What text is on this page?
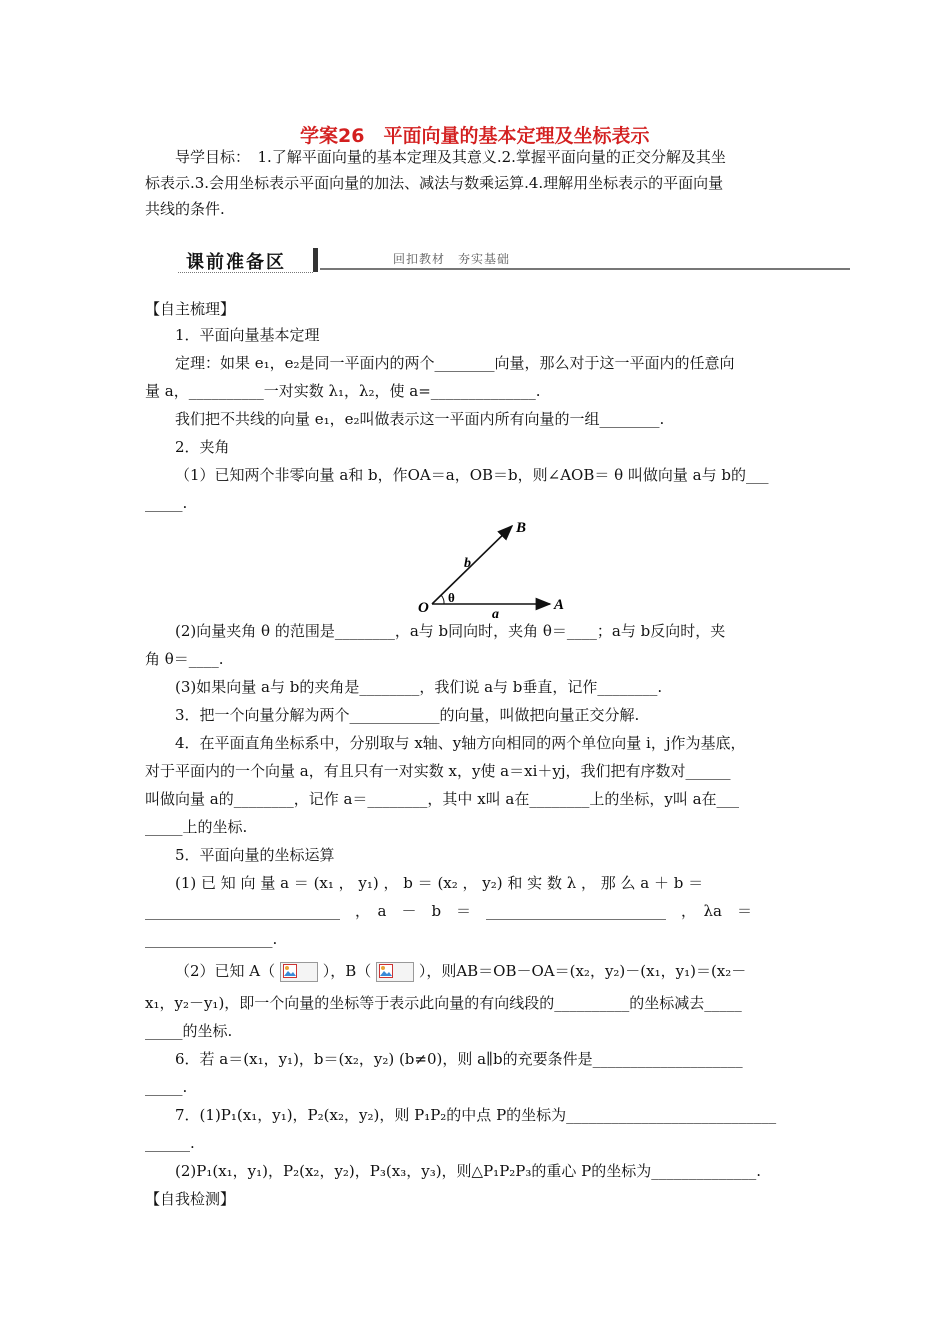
学案26　平面向量的基本定理及坐标表示
导学目标：　1.了解平面向量的基本定理及其意义.2.掌握平面向量的正交分解及其坐
标表示.3.会用坐标表示平面向量的加法、减法与数乘运算.4.理解用坐标表示的平面向量
共线的条件.
课前准备区	回扣教材　夯实基础
【自主梳理】
1．平面向量基本定理
定理：如果 e₁，e₂是同一平面内的两个________向量，那么对于这一平面内的任意向
量 a，__________一对实数 λ₁，λ₂，使 a=______________.
我们把不共线的向量 e₁，e₂叫做表示这一平面内所有向量的一组________.
2．夹角
（1）已知两个非零向量 a和 b，作OA＝a，OB＝b，则∠AOB＝ θ 叫做向量 a与 b的___
_____.
O	A
B
a
b
θ
(2)向量夹角 θ 的范围是________，a与 b同向时，夹角 θ＝____；a与 b反向时，夹
角 θ＝____.
(3)如果向量 a与 b的夹角是________，我们说 a与 b垂直，记作________.
3．把一个向量分解为两个____________的向量，叫做把向量正交分解.
4．在平面直角坐标系中，分别取与 x轴、y轴方向相同的两个单位向量 i，j作为基底，
对于平面内的一个向量 a，有且只有一对实数 x，y使 a＝xi＋yj，我们把有序数对______
叫做向量 a的________，记作 a＝________，其中 x叫 a在________上的坐标，y叫 a在___
_____上的坐标.
5．平面向量的坐标运算
(1) 已 知 向 量 a ＝ (x₁ ， y₁) ， b ＝ (x₂ ， y₂) 和 实 数 λ ， 那 么 a ＋ b ＝
__________________________　，　a　－　b　＝　________________________　，　λa　＝
_________________.
（2）已知 A（	），B（	），则AB＝OB－OA＝(x₂，y₂)－(x₁，y₁)＝(x₂－
x₁，y₂－y₁)，即一个向量的坐标等于表示此向量的有向线段的__________的坐标减去_____
_____的坐标.
6．若 a＝(x₁，y₁)，b＝(x₂，y₂) (b≠0)，则 a∥b的充要条件是____________________
_____.
7．(1)P₁(x₁，y₁)，P₂(x₂，y₂)，则 P₁P₂的中点 P的坐标为____________________________
______.
(2)P₁(x₁，y₁)，P₂(x₂，y₂)，P₃(x₃，y₃)，则△P₁P₂P₃的重心 P的坐标为______________.
【自我检测】
